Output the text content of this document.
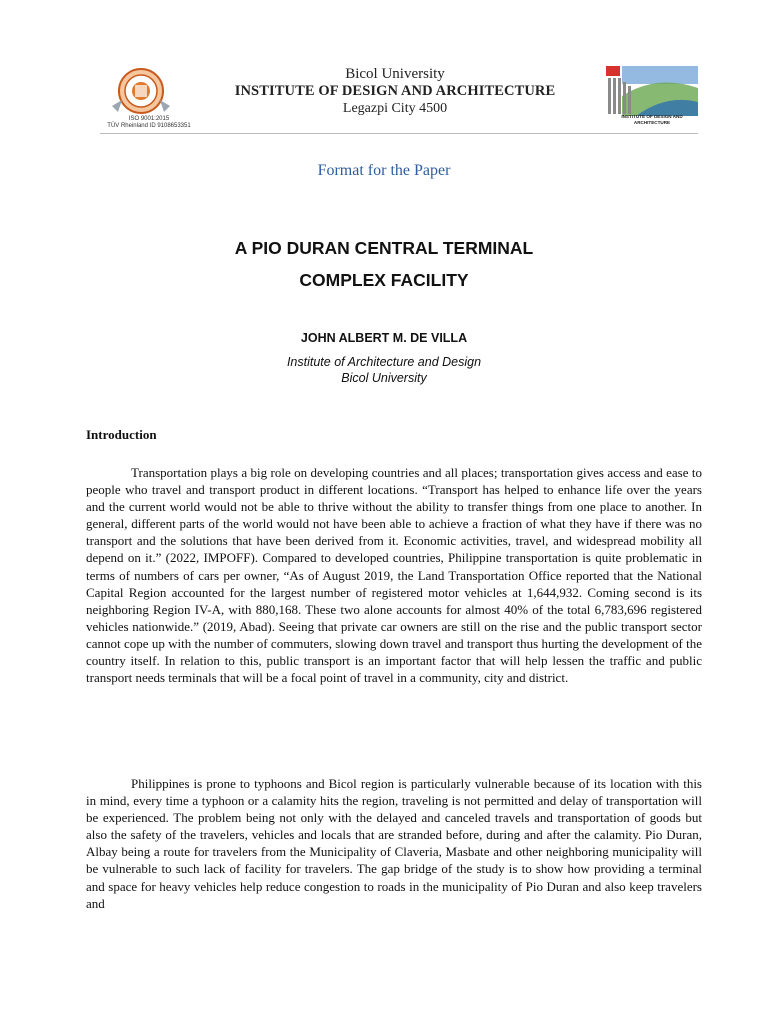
ISO 9001:2015
TÜV Rheinland ID 9108653351
Bicol University
INSTITUTE OF DESIGN AND ARCHITECTURE
Legazpi City 4500
INSTITUTE OF DESIGN AND ARCHITECTURE
Format for the Paper
A PIO DURAN CENTRAL TERMINAL
COMPLEX FACILITY
JOHN ALBERT M. DE VILLA
Institute of Architecture and Design
Bicol University
Introduction
Transportation plays a big role on developing countries and all places; transportation gives access and ease to people who travel and transport product in different locations. “Transport has helped to enhance life over the years and the current world would not be able to thrive without the ability to transfer things from one place to another. In general, different parts of the world would not have been able to achieve a fraction of what they have if there was no transport and the solutions that have been derived from it. Economic activities, travel, and widespread mobility all depend on it.” (2022, IMPOFF). Compared to developed countries, Philippine transportation is quite problematic in terms of numbers of cars per owner, “As of August 2019, the Land Transportation Office reported that the National Capital Region accounted for the largest number of registered motor vehicles at 1,644,932. Coming second is its neighboring Region IV-A, with 880,168. These two alone accounts for almost 40% of the total 6,783,696 registered vehicles nationwide.” (2019, Abad). Seeing that private car owners are still on the rise and the public transport sector cannot cope up with the number of commuters, slowing down travel and transport thus hurting the development of the country itself. In relation to this, public transport is an important factor that will help lessen the traffic and public transport needs terminals that will be a focal point of travel in a community, city and district.
Philippines is prone to typhoons and Bicol region is particularly vulnerable because of its location with this in mind, every time a typhoon or a calamity hits the region, traveling is not permitted and delay of transportation will be experienced. The problem being not only with the delayed and canceled travels and transportation of goods but also the safety of the travelers, vehicles and locals that are stranded before, during and after the calamity. Pio Duran, Albay being a route for travelers from the Municipality of Claveria, Masbate and other neighboring municipality will be vulnerable to such lack of facility for travelers. The gap bridge of the study is to show how providing a terminal and space for heavy vehicles help reduce congestion to roads in the municipality of Pio Duran and also keep travelers and
